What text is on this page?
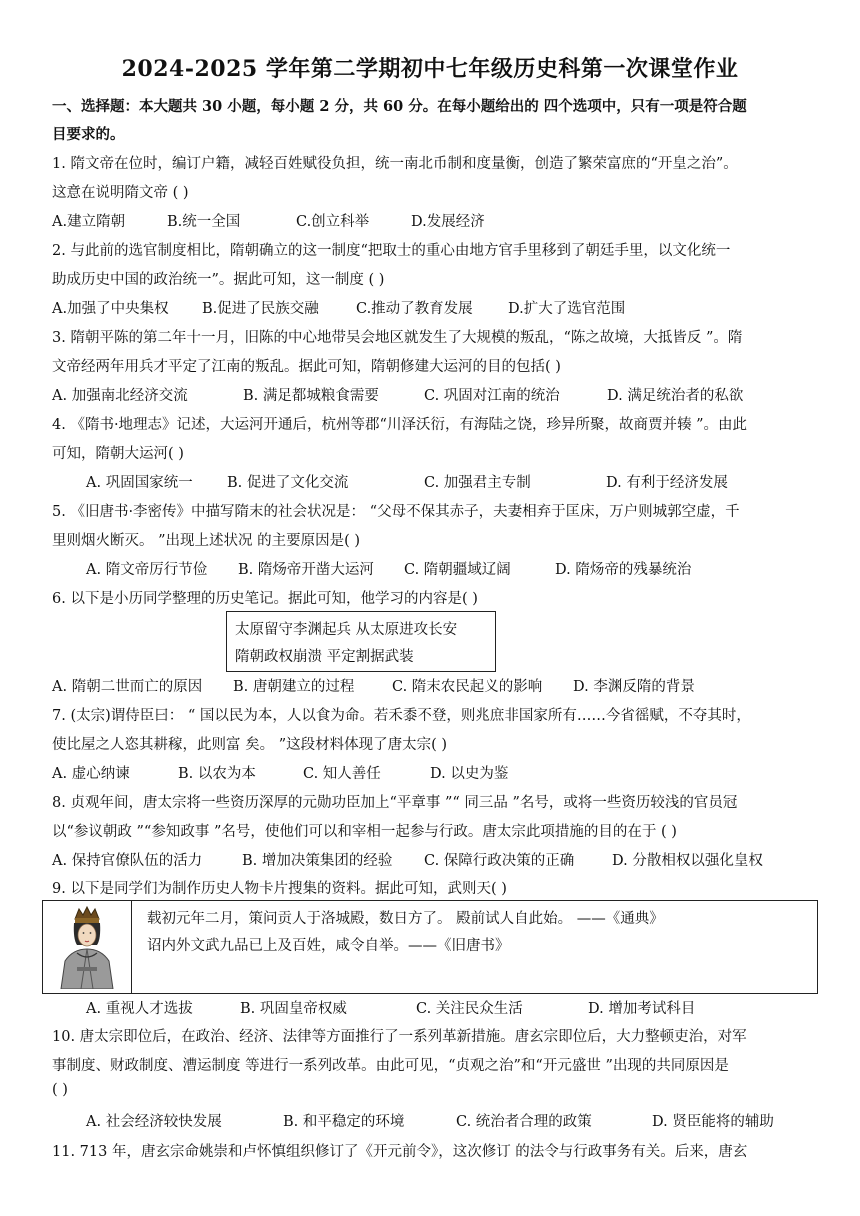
2024-2025 学年第二学期初中七年级历史科第一次课堂作业
一、选择题：本大题共 30 小题，每小题 2 分，共 60 分。在每小题给出的 四个选项中，只有一项是符合题
目要求的。
1. 隋文帝在位时，编订户籍，减轻百姓赋役负担，统一南北币制和度量衡，创造了繁荣富庶的“开皇之治”。
这意在说明隋文帝 ( )
A.建立隋朝	B.统一全国	C.创立科举	D.发展经济
2. 与此前的选官制度相比，隋朝确立的这一制度“把取士的重心由地方官手里移到了朝廷手里，以文化统一
助成历史中国的政治统一”。据此可知，这一制度 ( )
A.加强了中央集权 B.促进了民族交融	C.推动了教育发展 D.扩大了选官范围
3. 隋朝平陈的第二年十一月，旧陈的中心地带吴会地区就发生了大规模的叛乱，“陈之故境，大抵皆反 ”。隋
文帝经两年用兵才平定了江南的叛乱。据此可知，隋朝修建大运河的目的包括( )
A. 加强南北经济交流	B. 满足都城粮食需要	C. 巩固对江南的统治	D. 满足统治者的私欲
4. 《隋书·地理志》记述，大运河开通后，杭州等郡“川泽沃衍，有海陆之饶，珍异所聚，故商贾并辏 ”。由此
可知，隋朝大运河( )
A. 巩固国家统一 B. 促进了文化交流	C. 加强君主专制	D. 有利于经济发展
5. 《旧唐书·李密传》中描写隋末的社会状况是： “父母不保其赤子，夫妻相弃于匡床，万户则城郭空虚，千
里则烟火断灭。 ”出现上述状况 的主要原因是( )
A. 隋文帝厉行节俭 B. 隋炀帝开凿大运河 C. 隋朝疆域辽阔	D. 隋炀帝的残暴统治
6. 以下是小历同学整理的历史笔记。据此可知，他学习的内容是( )
太原留守李渊起兵 从太原进攻长安
隋朝政权崩溃 平定割据武装
A. 隋朝二世而亡的原因 B. 唐朝建立的过程	C. 隋末农民起义的影响 D. 李渊反隋的背景
7. (太宗)谓侍臣曰： “ 国以民为本，人以食为命。若禾黍不登，则兆庶非国家所有……今省徭赋，不夺其时，
使比屋之人恣其耕稼，此则富 矣。 ”这段材料体现了唐太宗( )
A. 虚心纳谏	B. 以农为本	C. 知人善任	D. 以史为鉴
8. 贞观年间，唐太宗将一些资历深厚的元勋功臣加上“平章事 ”“ 同三品 ”名号，或将一些资历较浅的官员冠
以“参议朝政 ”“参知政事 ”名号，使他们可以和宰相一起参与行政。唐太宗此项措施的目的在于 ( )
A. 保持官僚队伍的活力	B. 增加决策集团的经验 C. 保障行政决策的正确	D. 分散相权以强化皇权
9. 以下是同学们为制作历史人物卡片搜集的资料。据此可知，武则天( )
载初元年二月，策问贡人于洛城殿，数日方了。 殿前试人自此始。 ——《通典》
诏内外文武九品已上及百姓，咸令自举。——《旧唐书》
A. 重视人才选拔	B. 巩固皇帝权威	C. 关注民众生活	D. 增加考试科目
10. 唐太宗即位后，在政治、经济、法律等方面推行了一系列革新措施。唐玄宗即位后，大力整顿吏治，对军
事制度、财政制度、漕运制度 等进行一系列改革。由此可见，“贞观之治”和“开元盛世 ”出现的共同原因是
( )
A. 社会经济较快发展	B. 和平稳定的环境	C. 统治者合理的政策	D. 贤臣能将的辅助
11. 713 年，唐玄宗命姚崇和卢怀慎组织修订了《开元前令》，这次修订 的法令与行政事务有关。后来，唐玄
